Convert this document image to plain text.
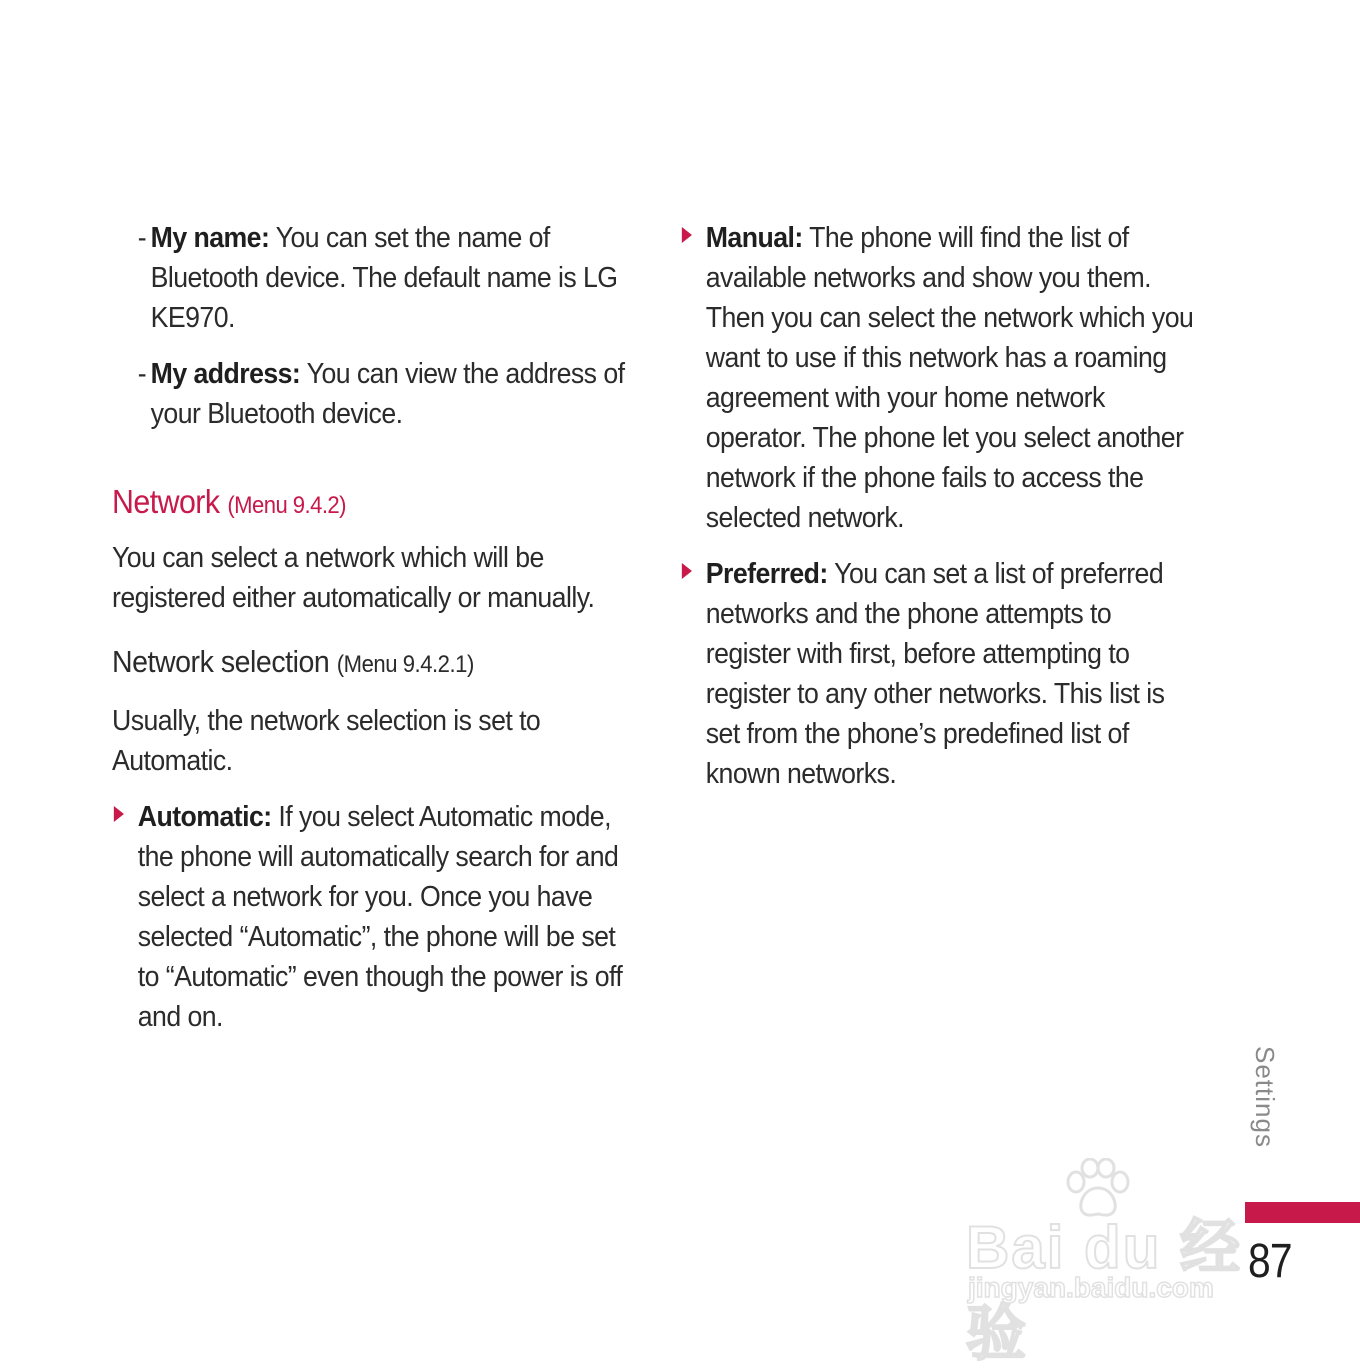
- My name: You can set the name of Bluetooth device. The default name is LG KE970.
- My address: You can view the address of your Bluetooth device.
Network (Menu 9.4.2)
You can select a network which will be registered either automatically or manually.
Network selection (Menu 9.4.2.1)
Usually, the network selection is set to Automatic.
Automatic: If you select Automatic mode, the phone will automatically search for and select a network for you. Once you have selected “Automatic”, the phone will be set to “Automatic” even though the power is off and on.
Manual: The phone will find the list of available networks and show you them. Then you can select the network which you want to use if this network has a roaming agreement with your home network operator. The phone let you select another network if the phone fails to access the selected network.
Preferred: You can set a list of preferred networks and the phone attempts to register with first, before attempting to register to any other networks. This list is set from the phone’s predefined list of known networks.
Settings
Bai du 经验
jingyan.baidu.com 87
